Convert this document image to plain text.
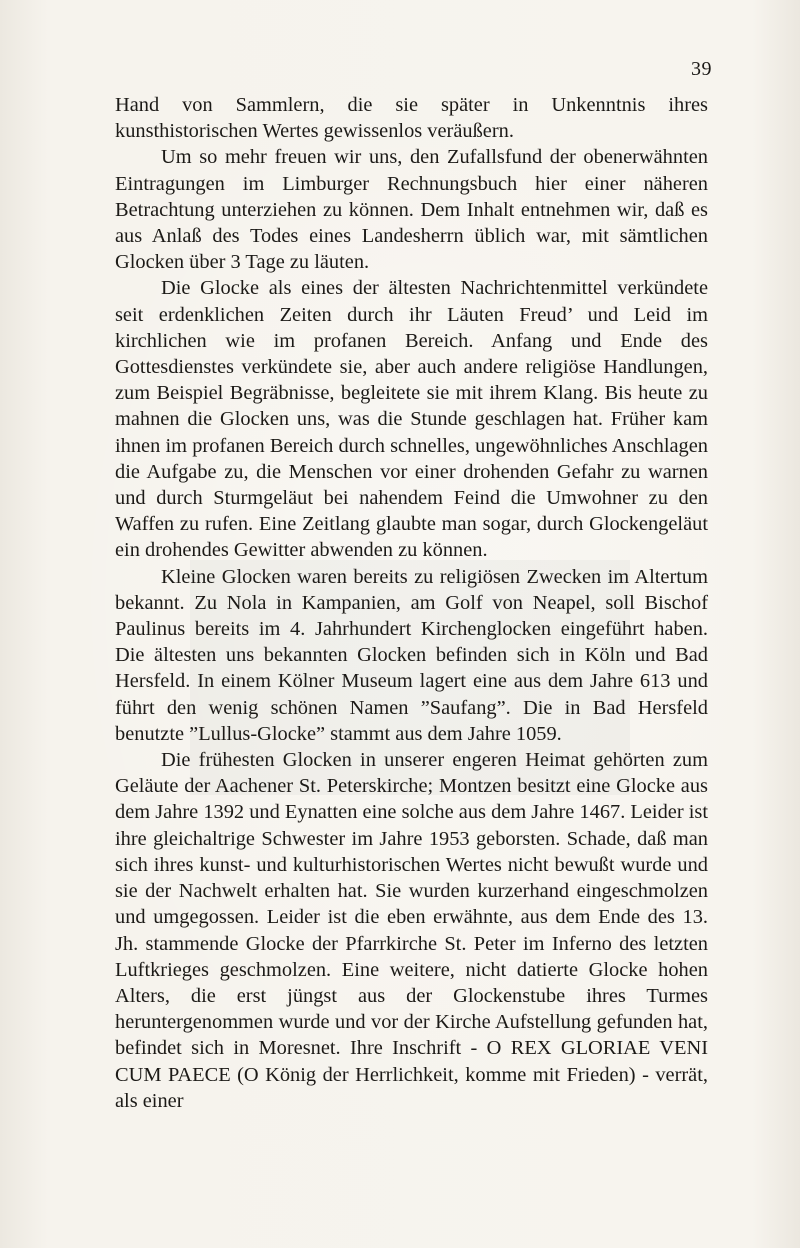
39

Hand von Sammlern, die sie später in Unkenntnis ihres kunsthistorischen Wertes gewissenlos veräußern.

Um so mehr freuen wir uns, den Zufallsfund der obenerwähnten Eintragungen im Limburger Rechnungsbuch hier einer näheren Betrachtung unterziehen zu können. Dem Inhalt entnehmen wir, daß es aus Anlaß des Todes eines Landesherrn üblich war, mit sämtlichen Glocken über 3 Tage zu läuten.

Die Glocke als eines der ältesten Nachrichtenmittel verkündete seit erdenklichen Zeiten durch ihr Läuten Freud’ und Leid im kirchlichen wie im profanen Bereich. Anfang und Ende des Gottesdienstes verkündete sie, aber auch andere religiöse Handlungen, zum Beispiel Begräbnisse, begleitete sie mit ihrem Klang. Bis heute zu mahnen die Glocken uns, was die Stunde geschlagen hat. Früher kam ihnen im profanen Bereich durch schnelles, ungewöhnliches Anschlagen die Aufgabe zu, die Menschen vor einer drohenden Gefahr zu warnen und durch Sturmgeläut bei nahendem Feind die Umwohner zu den Waffen zu rufen. Eine Zeitlang glaubte man sogar, durch Glockengeläut ein drohendes Gewitter abwenden zu können.

Kleine Glocken waren bereits zu religiösen Zwecken im Altertum bekannt. Zu Nola in Kampanien, am Golf von Neapel, soll Bischof Paulinus bereits im 4. Jahrhundert Kirchenglocken eingeführt haben. Die ältesten uns bekannten Glocken befinden sich in Köln und Bad Hersfeld. In einem Kölner Museum lagert eine aus dem Jahre 613 und führt den wenig schönen Namen ”Saufang”. Die in Bad Hersfeld benutzte ”Lullus-Glocke” stammt aus dem Jahre 1059.

Die frühesten Glocken in unserer engeren Heimat gehörten zum Geläute der Aachener St. Peterskirche; Montzen besitzt eine Glocke aus dem Jahre 1392 und Eynatten eine solche aus dem Jahre 1467. Leider ist ihre gleichaltrige Schwester im Jahre 1953 geborsten. Schade, daß man sich ihres kunst- und kulturhistorischen Wertes nicht bewußt wurde und sie der Nachwelt erhalten hat. Sie wurden kurzerhand eingeschmolzen und umgegossen. Leider ist die eben erwähnte, aus dem Ende des 13. Jh. stammende Glocke der Pfarrkirche St. Peter im Inferno des letzten Luftkrieges geschmolzen. Eine weitere, nicht datierte Glocke hohen Alters, die erst jüngst aus der Glockenstube ihres Turmes heruntergenommen wurde und vor der Kirche Aufstellung gefunden hat, befindet sich in Moresnet. Ihre Inschrift - O REX GLORIAE VENI CUM PAECE (O König der Herrlichkeit, komme mit Frieden) - verrät, als einer
